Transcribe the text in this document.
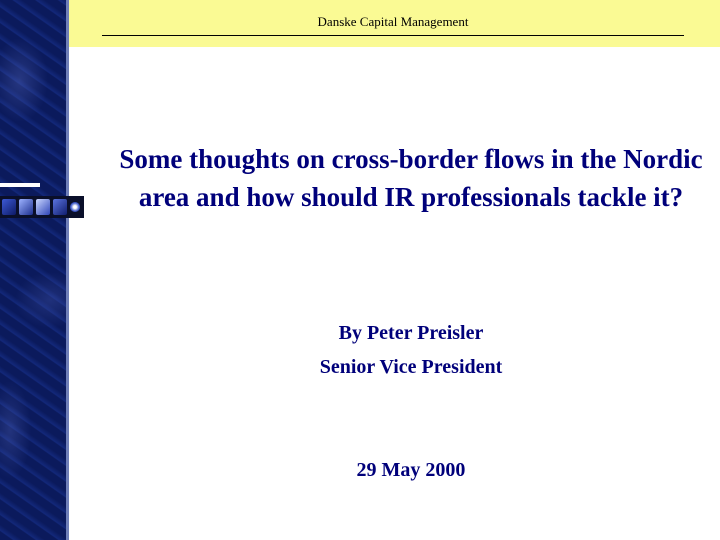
Danske Capital Management
Some thoughts on cross-border flows in the Nordic area and how should IR professionals tackle it?
By Peter Preisler
Senior Vice President
29 May 2000
